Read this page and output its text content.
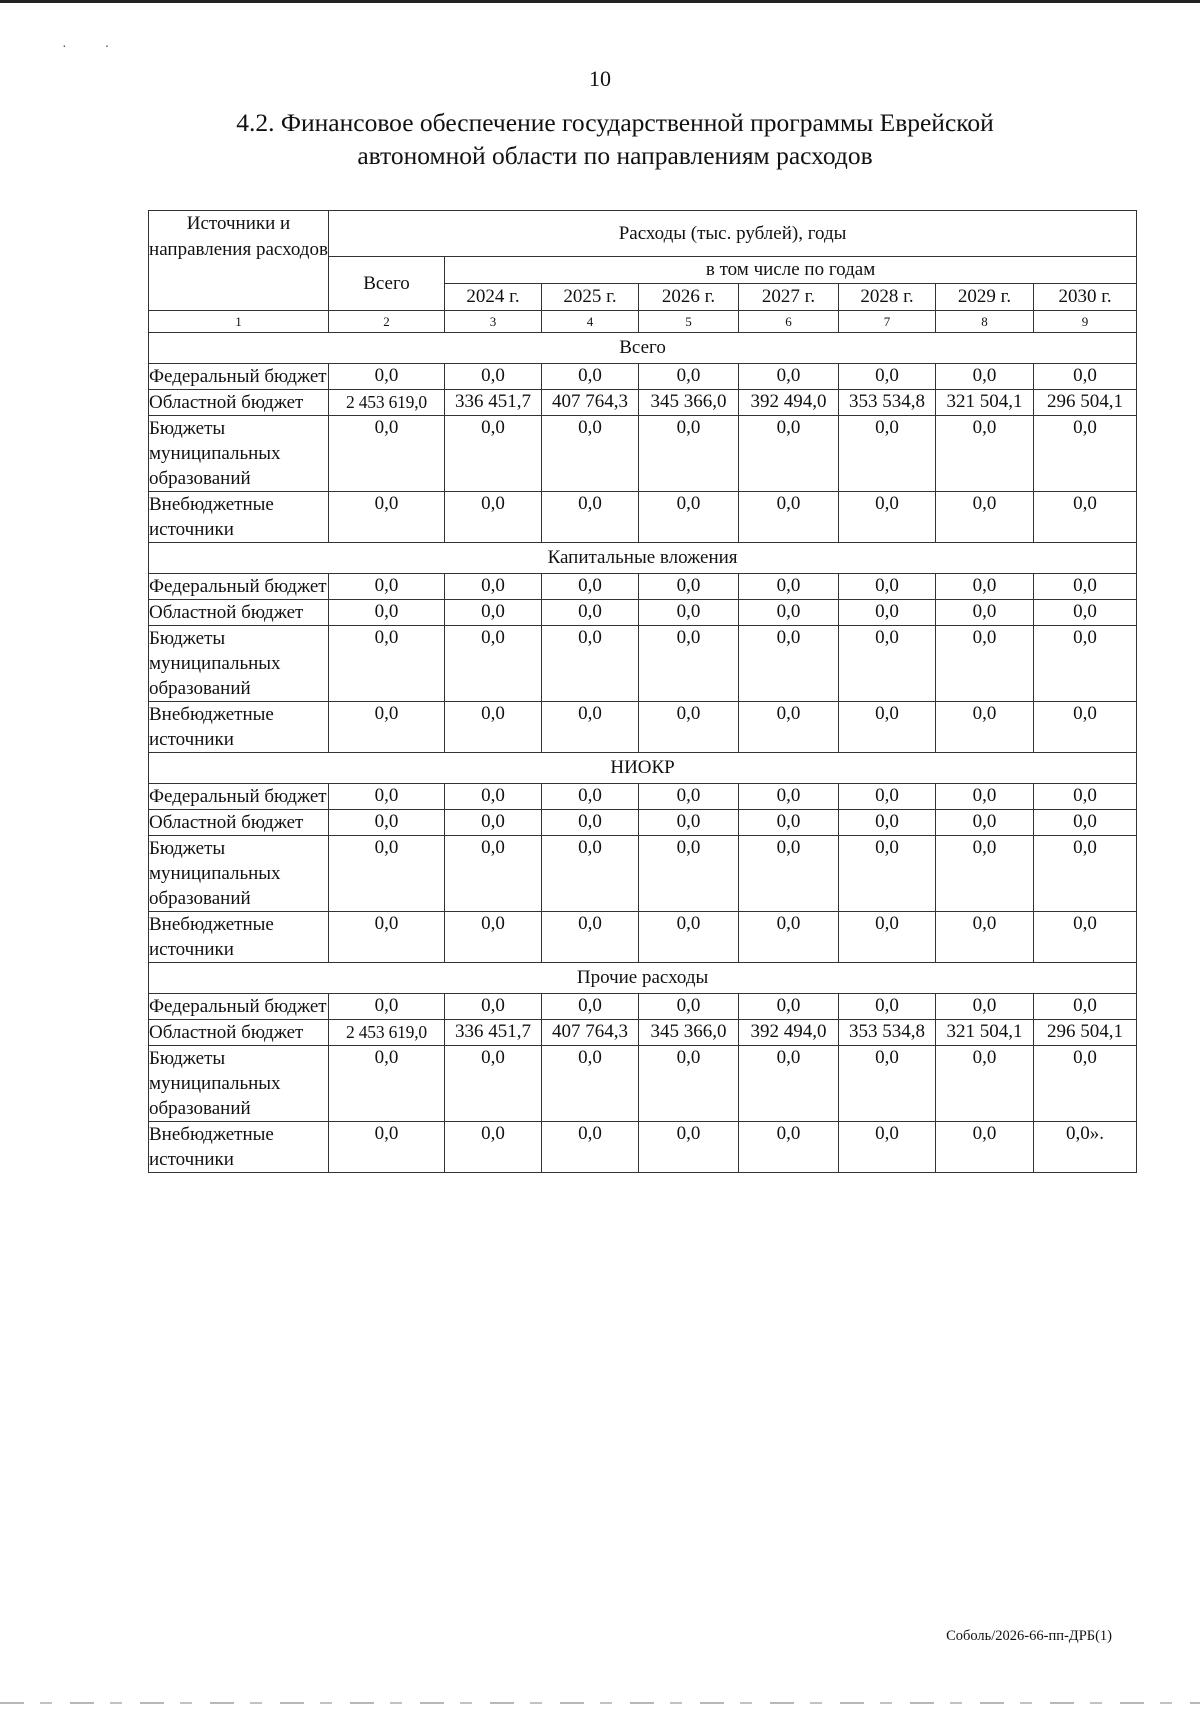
··
10
4.2. Финансовое обеспечение государственной программы Еврейской
автономной области по направлениям расходов
Источники и направления расходов	Расходы (тыс. рублей), годы							
	Всего	в том числе по годам						
		2024 г.	2025 г.	2026 г.	2027 г.	2028 г.	2029 г.	2030 г.
1	2	3	4	5	6	7	8	9
Всего								
Федеральный бюджет	0,0	0,0	0,0	0,0	0,0	0,0	0,0	0,0
Областной бюджет	2 453 619,0	336 451,7	407 764,3	345 366,0	392 494,0	353 534,8	321 504,1	296 504,1
Бюджеты муниципальных образований	0,0	0,0	0,0	0,0	0,0	0,0	0,0	0,0
Внебюджетные источники	0,0	0,0	0,0	0,0	0,0	0,0	0,0	0,0
Капитальные вложения								
Федеральный бюджет	0,0	0,0	0,0	0,0	0,0	0,0	0,0	0,0
Областной бюджет	0,0	0,0	0,0	0,0	0,0	0,0	0,0	0,0
Бюджеты муниципальных образований	0,0	0,0	0,0	0,0	0,0	0,0	0,0	0,0
Внебюджетные источники	0,0	0,0	0,0	0,0	0,0	0,0	0,0	0,0
НИОКР								
Федеральный бюджет	0,0	0,0	0,0	0,0	0,0	0,0	0,0	0,0
Областной бюджет	0,0	0,0	0,0	0,0	0,0	0,0	0,0	0,0
Бюджеты муниципальных образований	0,0	0,0	0,0	0,0	0,0	0,0	0,0	0,0
Внебюджетные источники	0,0	0,0	0,0	0,0	0,0	0,0	0,0	0,0
Прочие расходы								
Федеральный бюджет	0,0	0,0	0,0	0,0	0,0	0,0	0,0	0,0
Областной бюджет	2 453 619,0	336 451,7	407 764,3	345 366,0	392 494,0	353 534,8	321 504,1	296 504,1
Бюджеты муниципальных образований	0,0	0,0	0,0	0,0	0,0	0,0	0,0	0,0
Внебюджетные источники	0,0	0,0	0,0	0,0	0,0	0,0	0,0	0,0».
Соболь/2026-66-пп-ДРБ(1)
